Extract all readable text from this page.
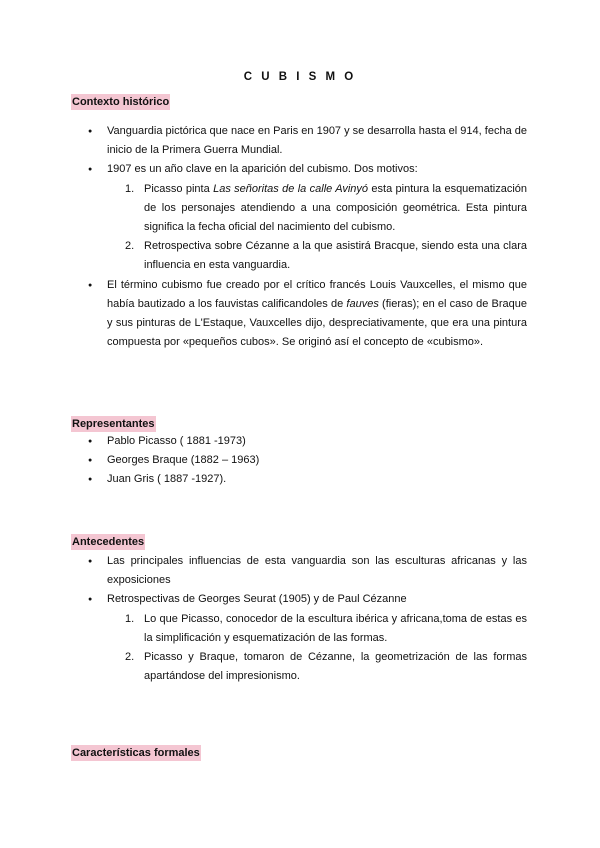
C U B I S M O
Contexto histórico
● Vanguardia pictórica que nace en Paris en 1907 y se desarrolla hasta el 914, fecha de inicio de la Primera Guerra Mundial.
● 1907 es un año clave en la aparición del cubismo. Dos motivos:
1. Picasso pinta Las señoritas de la calle Avinyó esta pintura la esquematización de los personajes atendiendo a una composición geométrica. Esta pintura significa la fecha oficial del nacimiento del cubismo.
2. Retrospectiva sobre Cézanne a la que asistirá Bracque, siendo esta una clara influencia en esta vanguardia.
● El término cubismo fue creado por el crítico francés Louis Vauxcelles, el mismo que había bautizado a los fauvistas calificandoles de fauves (fieras); en el caso de Braque y sus pinturas de L'Estaque, Vauxcelles dijo, despreciativamente, que era una pintura compuesta por «pequeños cubos». Se originó así el concepto de «cubismo».
Representantes
● Pablo Picasso ( 1881 -1973)
● Georges Braque (1882 – 1963)
● Juan Gris ( 1887 -1927).
Antecedentes
● Las principales influencias de esta vanguardia son las esculturas africanas y las exposiciones
● Retrospectivas de Georges Seurat (1905) y de Paul Cézanne
1. Lo que Picasso, conocedor de la escultura ibérica y africana,toma de estas es la simplificación y esquematización de las formas.
2. Picasso y Braque, tomaron de Cézanne, la geometrización de las formas apartándose del impresionismo.
Características formales
